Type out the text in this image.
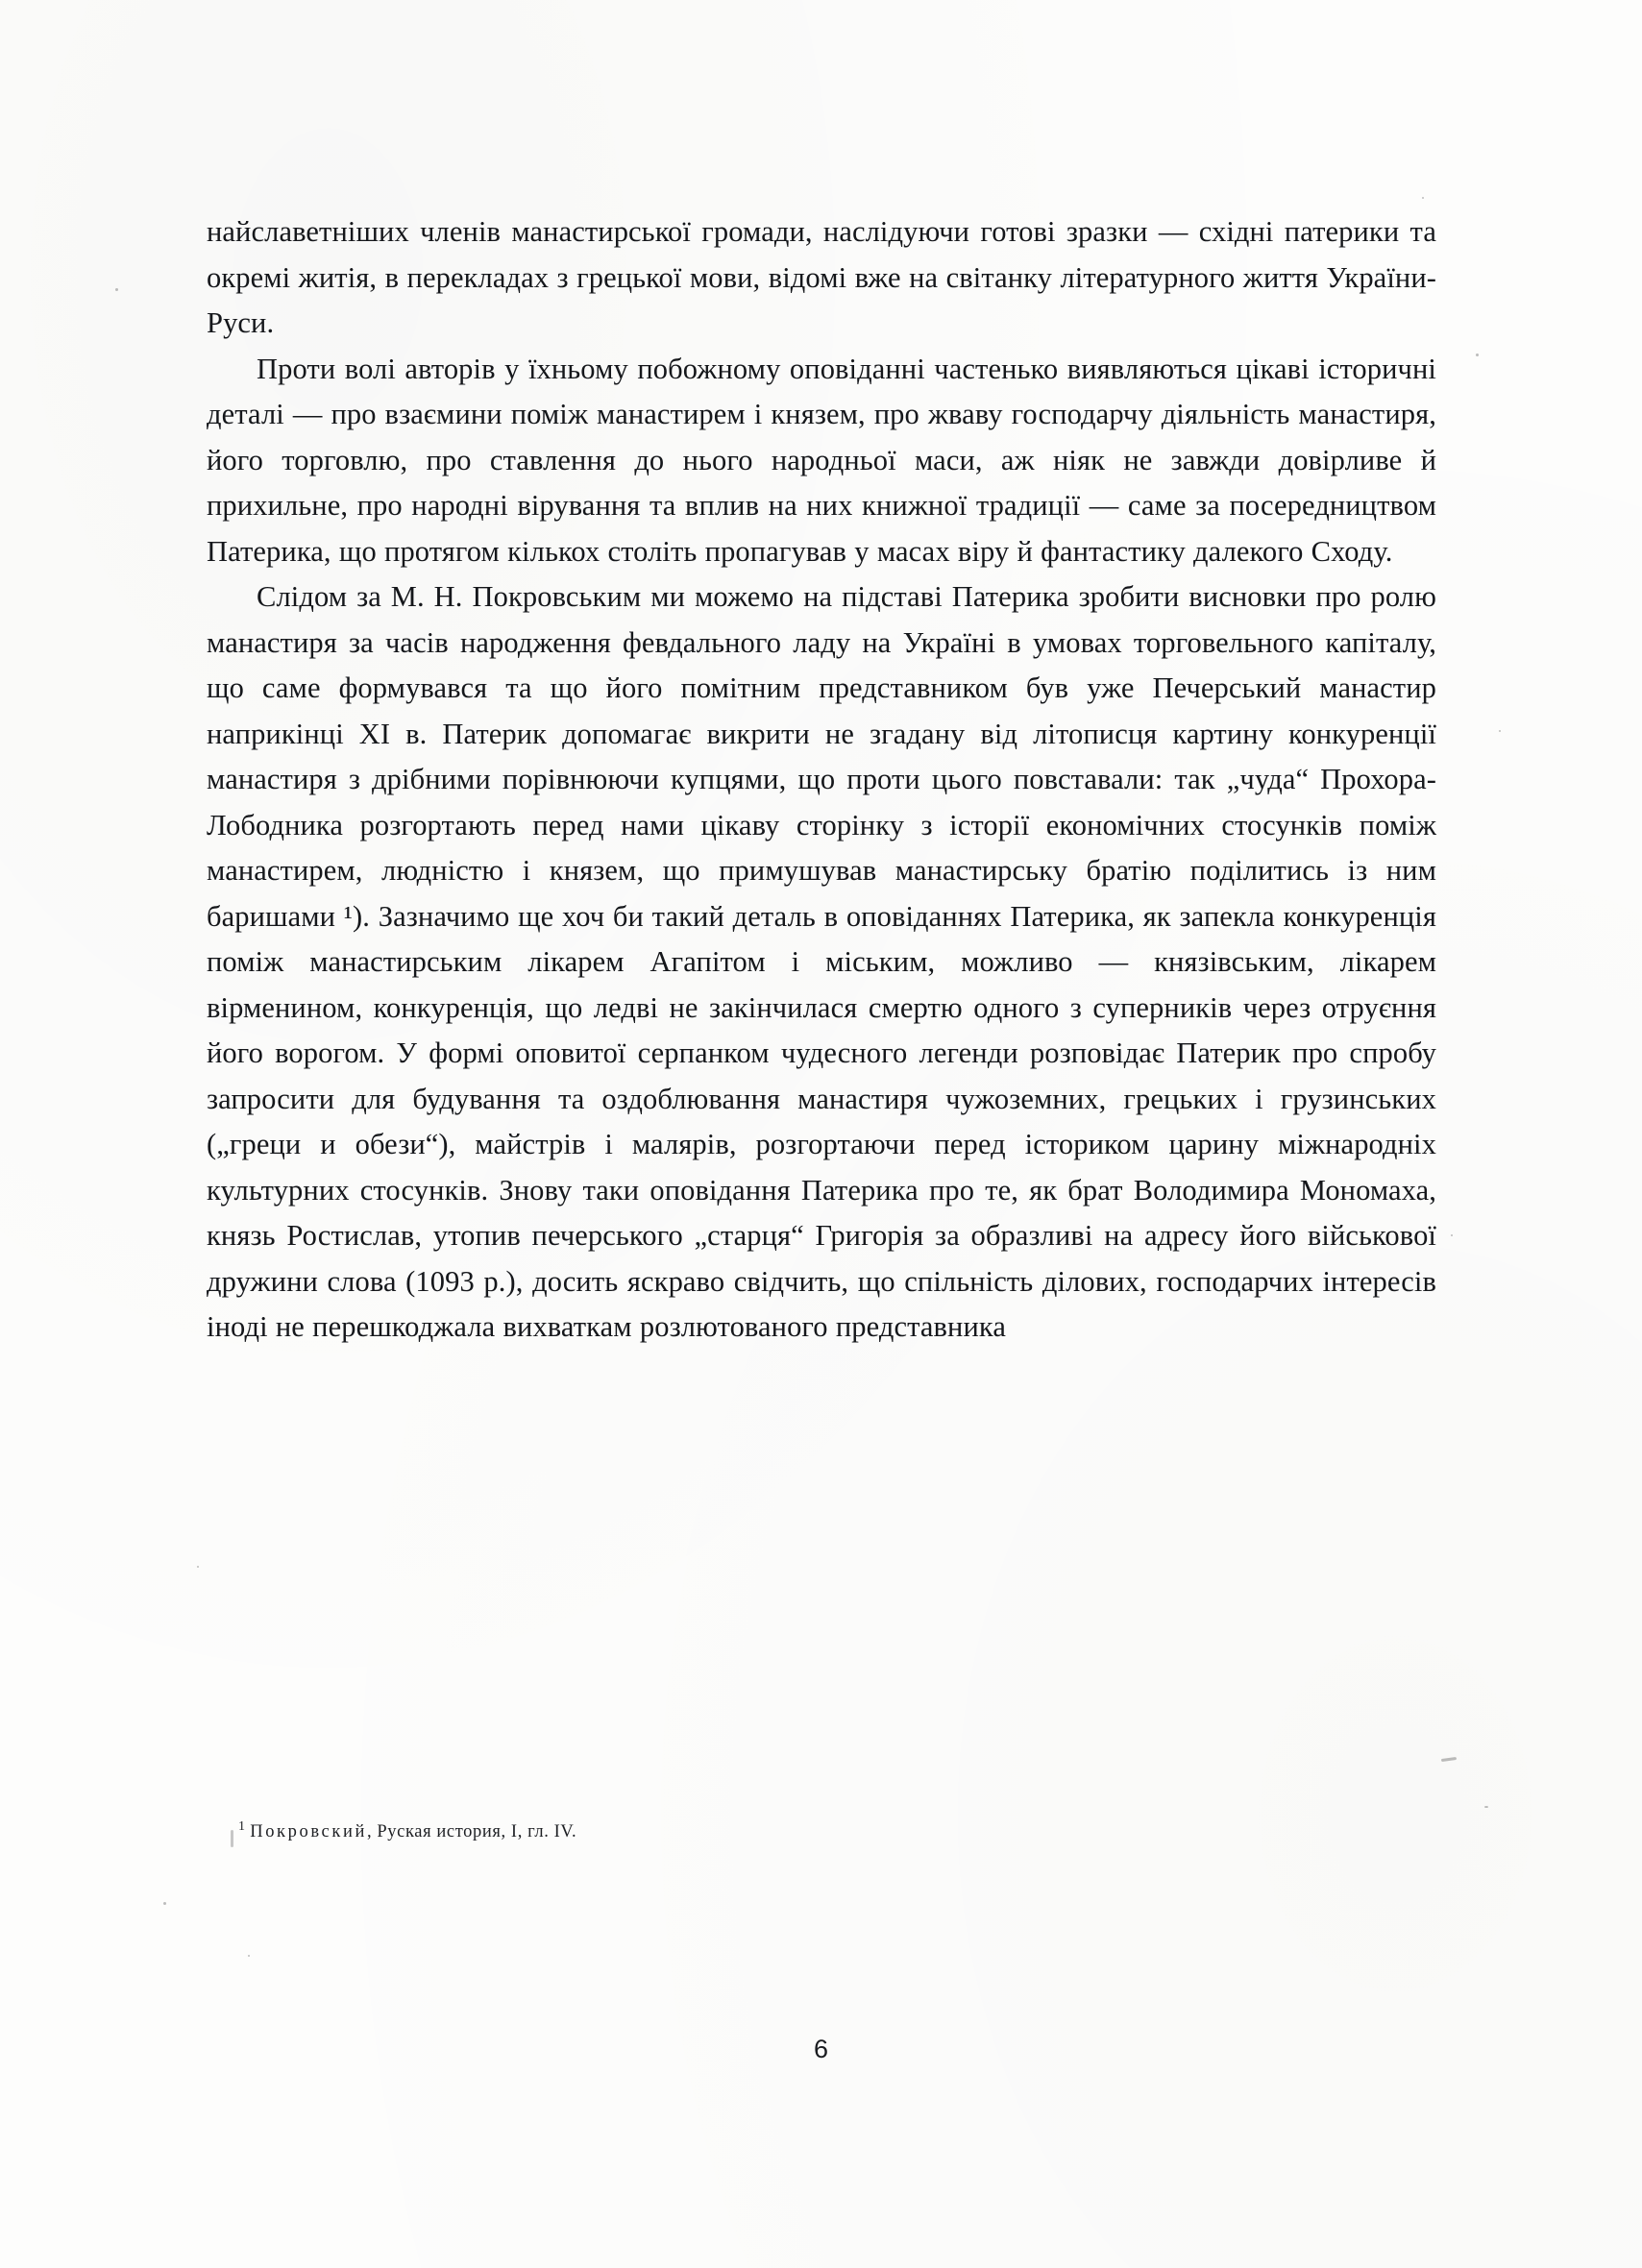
найславетніших членів манастирської громади, наслідуючи готові зразки — східні патерики та окремі житія, в перекладах з грецької мови, відомі вже на світанку літературного життя України-Руси.

Проти волі авторів у їхньому побожному оповіданні частенько виявляються цікаві історичні деталі — про взаємини поміж манастирем і князем, про жваву господарчу діяльність манастиря, його торговлю, про ставлення до нього народньої маси, аж ніяк не завжди довірливе й прихильне, про народні вірування та вплив на них книжної традиції — саме за посередництвом Патерика, що протягом кількох століть пропагував у масах віру й фантастику далекого Сходу.

Слідом за М. Н. Покровським ми можемо на підставі Патерика зробити висновки про ролю манастиря за часів народження февдального ладу на Україні в умовах торговельного капіталу, що саме формувався та що його помітним представником був уже Печерський манастир наприкінці XI в. Патерик допомагає викрити не згадану від літописця картину конкуренції манастиря з дрібними порівнюючи купцями, що проти цього повставали: так „чуда“ Прохора-Лободника розгортають перед нами цікаву сторінку з історії економічних стосунків поміж манастирем, людністю і князем, що примушував манастирську братію поділитись із ним баришами ¹). Зазначимо ще хоч би такий деталь в оповіданнях Патерика, як запекла конкуренція поміж манастирським лікарем Агапітом і міським, можливо — князівським, лікарем вірменином, конкуренція, що ледві не закінчилася смертю одного з суперників через отруєння його ворогом. У формі оповитої серпанком чудесного легенди розповідає Патерик про спробу запросити для будування та оздоблювання манастиря чужоземних, грецьких і грузинських („греци и обези“), майстрів і малярів, розгортаючи перед істориком царину міжнародніх культурних стосунків. Знову таки оповідання Патерика про те, як брат Володимира Мономаха, князь Ростислав, утопив печерського „старця“ Григорія за образливі на адресу його військової дружини слова (1093 р.), досить яскраво свідчить, що спільність ділових, господарчих інтересів іноді не перешкоджала вихваткам розлютованого представника

$^1$ Покровский, Руская история, I, гл. IV.
6
